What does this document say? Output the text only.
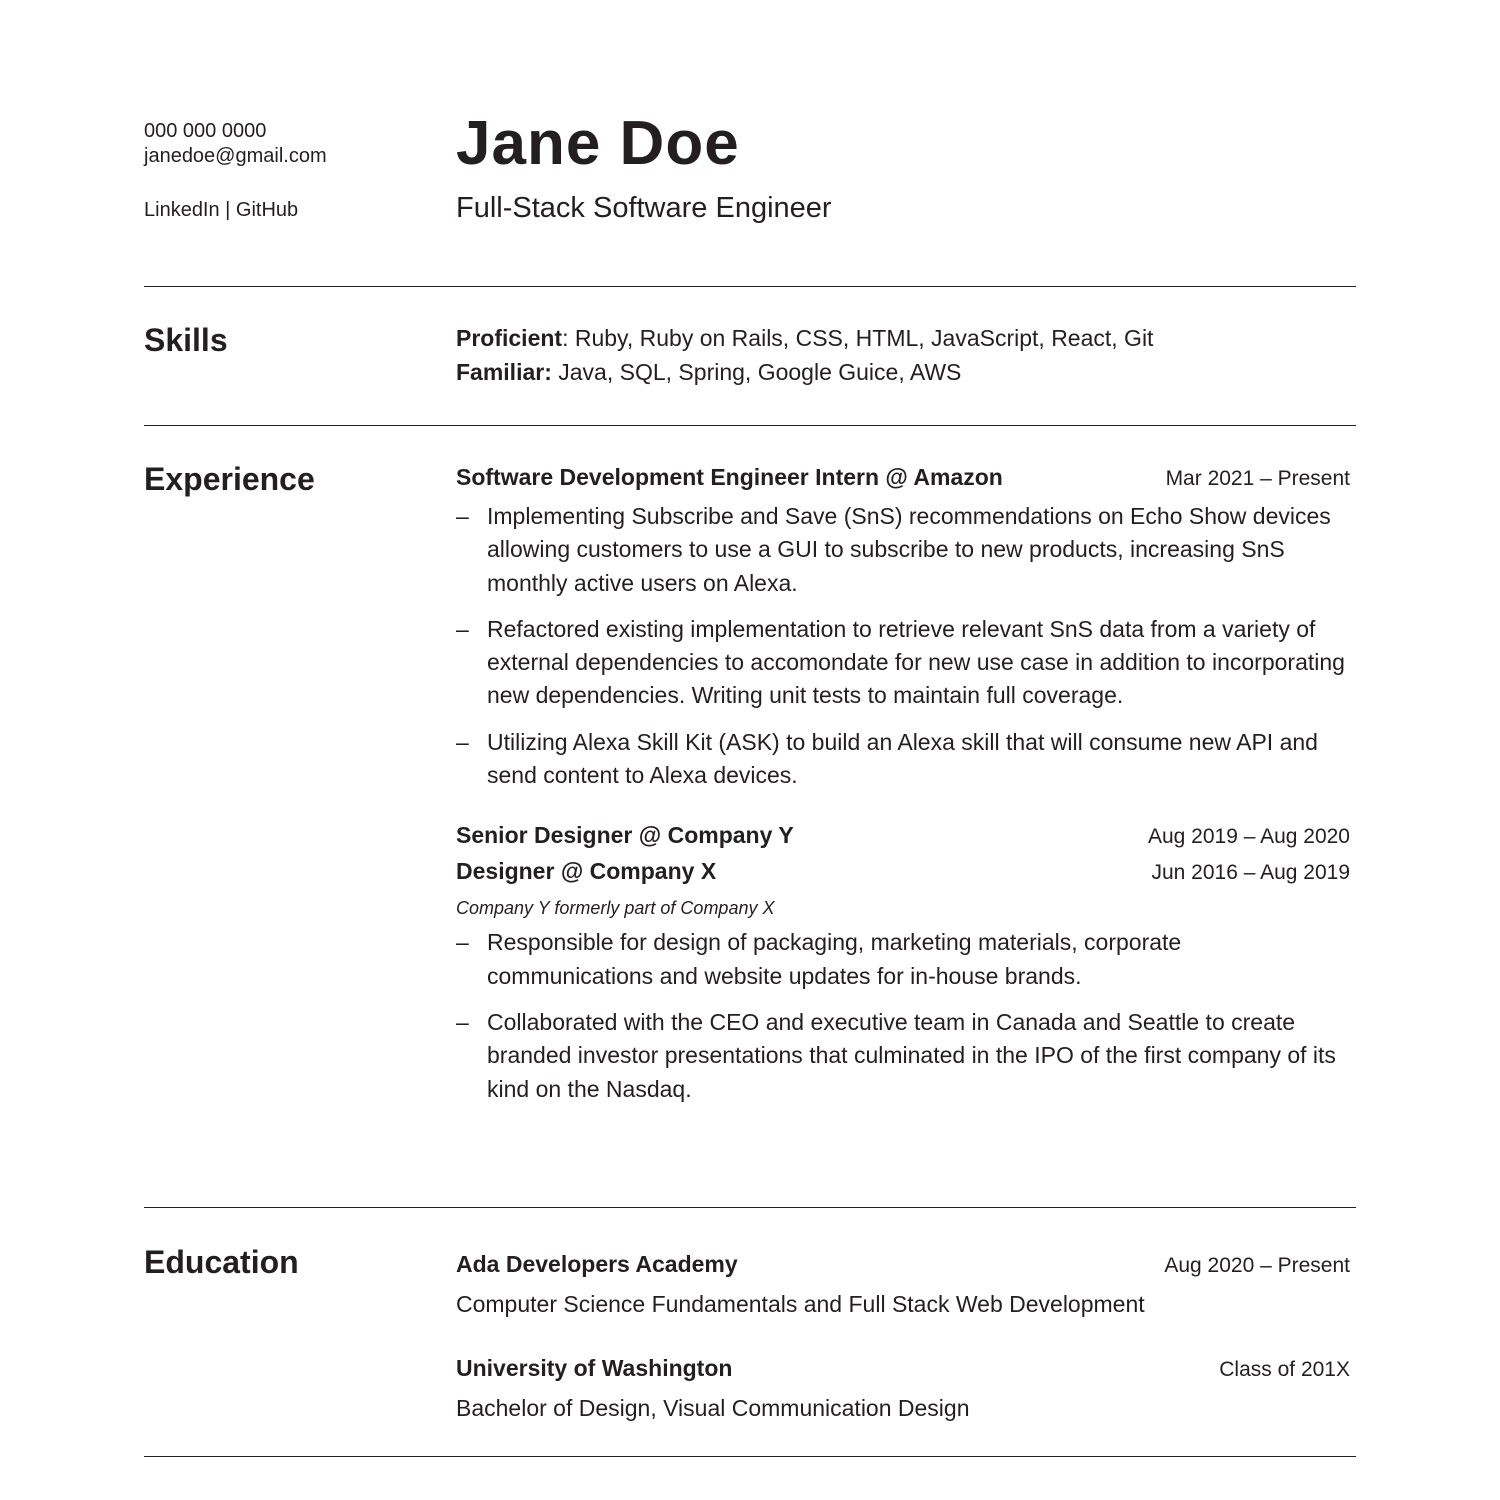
000 000 0000
janedoe@gmail.com
LinkedIn | GitHub
Jane Doe
Full-Stack Software Engineer
Skills	Proficient: Ruby, Ruby on Rails, CSS, HTML, JavaScript, React, Git
Familiar: Java, SQL, Spring, Google Guice, AWS
Experience	Software Development Engineer Intern @ Amazon	Mar 2021 – Present
– Implementing Subscribe and Save (SnS) recommendations on Echo Show devices allowing customers to use a GUI to subscribe to new products, increasing SnS monthly active users on Alexa.
– Refactored existing implementation to retrieve relevant SnS data from a variety of external dependencies to accomondate for new use case in addition to incorporating new dependencies. Writing unit tests to maintain full coverage.
– Utilizing Alexa Skill Kit (ASK) to build an Alexa skill that will consume new API and send content to Alexa devices.
Senior Designer @ Company Y	Aug 2019 – Aug 2020
Designer @ Company X	Jun 2016 – Aug 2019
Company Y formerly part of Company X
– Responsible for design of packaging, marketing materials, corporate communications and website updates for in-house brands.
– Collaborated with the CEO and executive team in Canada and Seattle to create branded investor presentations that culminated in the IPO of the first company of its kind on the Nasdaq.
Education	Ada Developers Academy	Aug 2020 – Present
Computer Science Fundamentals and Full Stack Web Development
University of Washington	Class of 201X
Bachelor of Design, Visual Communication Design
